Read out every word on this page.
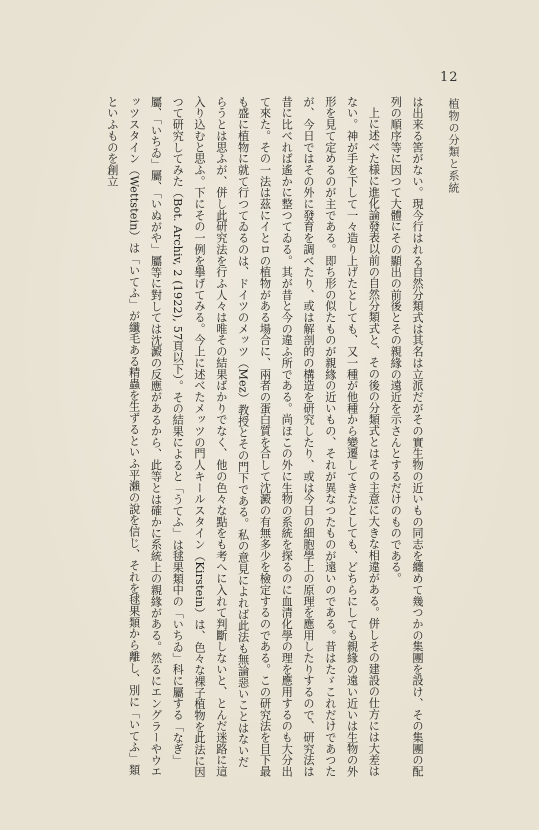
12
植物の分類と系統

は出来る筈がない。現今行はれる自然分類式は其名は立派だがその實生物の近いもの同志を纏めて幾つかの集團を設け、その集團の配列の順序等に因つて大體にその顯出の前後とその親緣の遠近を示さんとするだけのものである。

上に述べた様に進化論發表以前の自然分類式と、その後の分類式とはその主意に大きな相違がある。併しその建設の仕方には大差はない。神が手を下して一々造り上げたとしても、又一種が他種から變遷してきたとしても、どちらにしても親緣の遠い近いは生物の外形を見て定めるのが主である。即ち形の似たものが親緣の近いもの、それが異なつたものが遠いのである。昔はたゞこれだけであつたが、今日ではその外に發育を調べたり、或は解剖的の構造を研究したり、或は今日の細胞學上の原理を應用したりするので、研究法は昔に比べれば遙かに整つてゐる。其が昔と今の違ふ所である。尚ほこの外に生物の系統を探るのに血清化學の理を應用するのも大分出て來た。その一法は茲にイとロの植物がある場合に、兩者の蛋白質を合して沈澱の有無多少を檢定するのである。この研究法を目下最も盛に植物に就て行つてゐるのは、ドイツのメッツ（Mez）教授とその門下である。私の意見によれば此法も無論惡いことはないだらうとは思ふが、併し此研究法を行ふ人々は唯その結果ばかりでなく、他の色々な點をも考へに入れて判斷しないと、とんだ迷路に這入り込むと思ふ。下にその一例を擧げてみる。今上に述べたメッツの門人キールスタイン（Kirstein）は、色々な裸子植物を此法に因つて研究してみた（Bot. Archiv, 2 (1922), 57頁以下）。その結果によると「うてふ」は毬果類中の「いちゐ」科に屬する「なぎ」屬、「いちゐ」屬、「いぬがや」屬等に對しては沈澱の反應があるから、此等とは確かに系統上の親緣がある。然るにエングラーやウエッツスタイン（Wettstein）は「いてふ」が纖毛ある精蟲を生ずるといふ平瀨の說を信じ、それを毬果類から離し、別に「いてふ」類といふものを創立
